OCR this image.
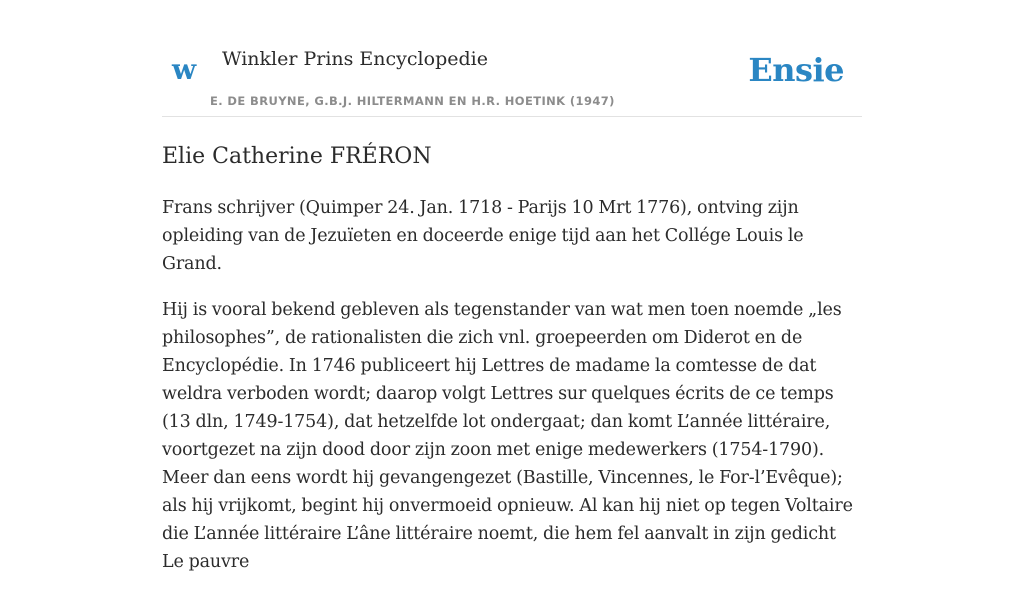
w Winkler Prins Encyclopedie
E. DE BRUYNE, G.B.J. HILTERMANN EN H.R. HOETINK (1947)
Ensie
Elie Catherine FRÉRON

Frans schrijver (Quimper 24. Jan. 1718 - Parijs 10 Mrt 1776), ontving zijn opleiding van de Jezuïeten en doceerde enige tijd aan het Collége Louis le Grand.

Hij is vooral bekend gebleven als tegenstander van wat men toen noemde „les philosophes”, de rationalisten die zich vnl. groepeerden om Diderot en de Encyclopédie. In 1746 publiceert hij Lettres de madame la comtesse de dat weldra verboden wordt; daarop volgt Lettres sur quelques écrits de ce temps (13 dln, 1749-1754), dat hetzelfde lot ondergaat; dan komt L’année littéraire, voortgezet na zijn dood door zijn zoon met enige medewerkers (1754-1790). Meer dan eens wordt hij gevangengezet (Bastille, Vincennes, le For-l’Evêque); als hij vrijkomt, begint hij onvermoeid opnieuw. Al kan hij niet op tegen Voltaire die L’année littéraire L’âne littéraire noemt, die hem fel aanvalt in zijn gedicht Le pauvre
